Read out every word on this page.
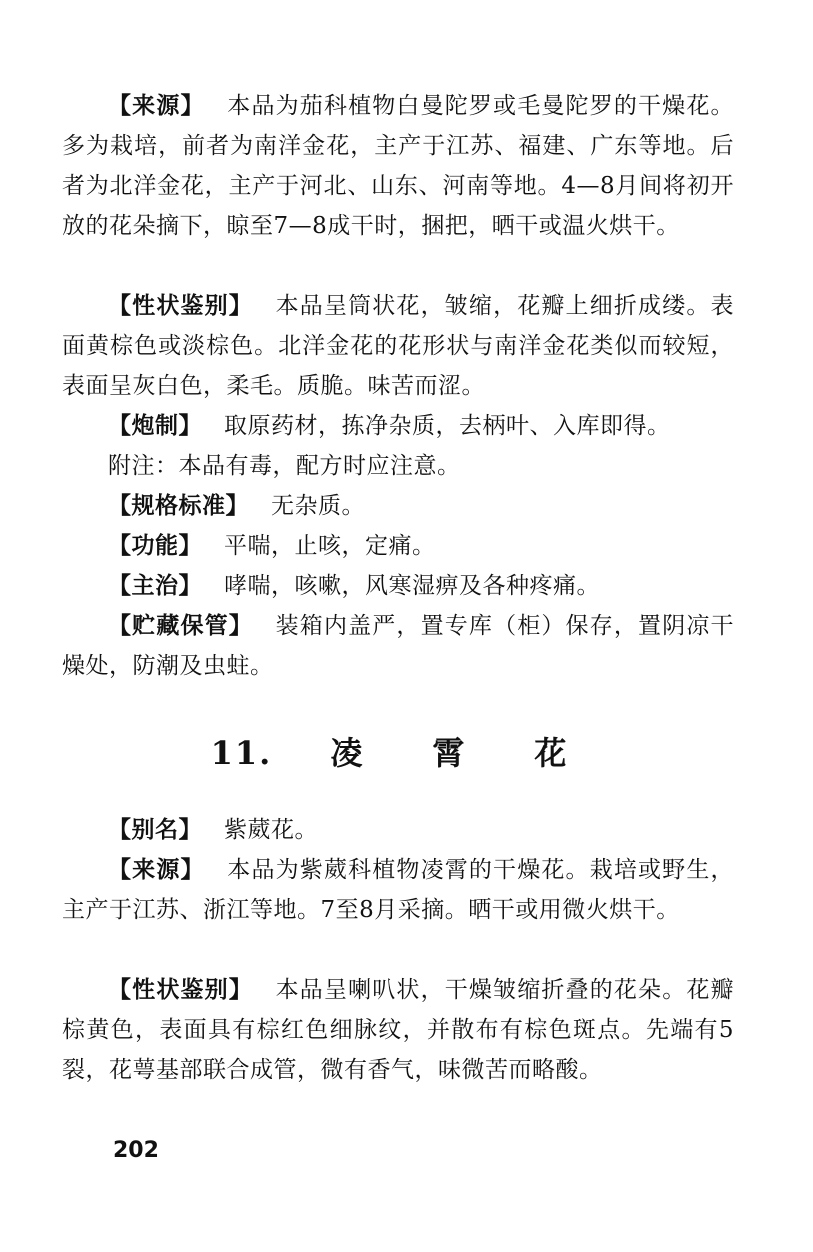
【来源】 本品为茄科植物白曼陀罗或毛曼陀罗的干燥花。多为栽培，前者为南洋金花，主产于江苏、福建、广东等地。后者为北洋金花，主产于河北、山东、河南等地。4—8月间将初开放的花朵摘下，晾至7—8成干时，捆把，晒干或温火烘干。

【性状鉴别】 本品呈筒状花，皱缩，花瓣上细折成缕。表面黄棕色或淡棕色。北洋金花的花形状与南洋金花类似而较短，表面呈灰白色，柔毛。质脆。味苦而涩。

【炮制】 取原药材，拣净杂质，去柄叶、入库即得。

附注：本品有毒，配方时应注意。

【规格标准】 无杂质。

【功能】 平喘，止咳，定痛。

【主治】 哮喘，咳嗽，风寒湿痹及各种疼痛。

【贮藏保管】 装箱内盖严，置专库（柜）保存，置阴凉干燥处，防潮及虫蛀。

11. 凌 霄 花

【别名】 紫葳花。

【来源】 本品为紫葳科植物凌霄的干燥花。栽培或野生，主产于江苏、浙江等地。7至8月采摘。晒干或用微火烘干。

【性状鉴别】 本品呈喇叭状，干燥皱缩折叠的花朵。花瓣棕黄色，表面具有棕红色细脉纹，并散布有棕色斑点。先端有5裂，花萼基部联合成管，微有香气，味微苦而略酸。

202
